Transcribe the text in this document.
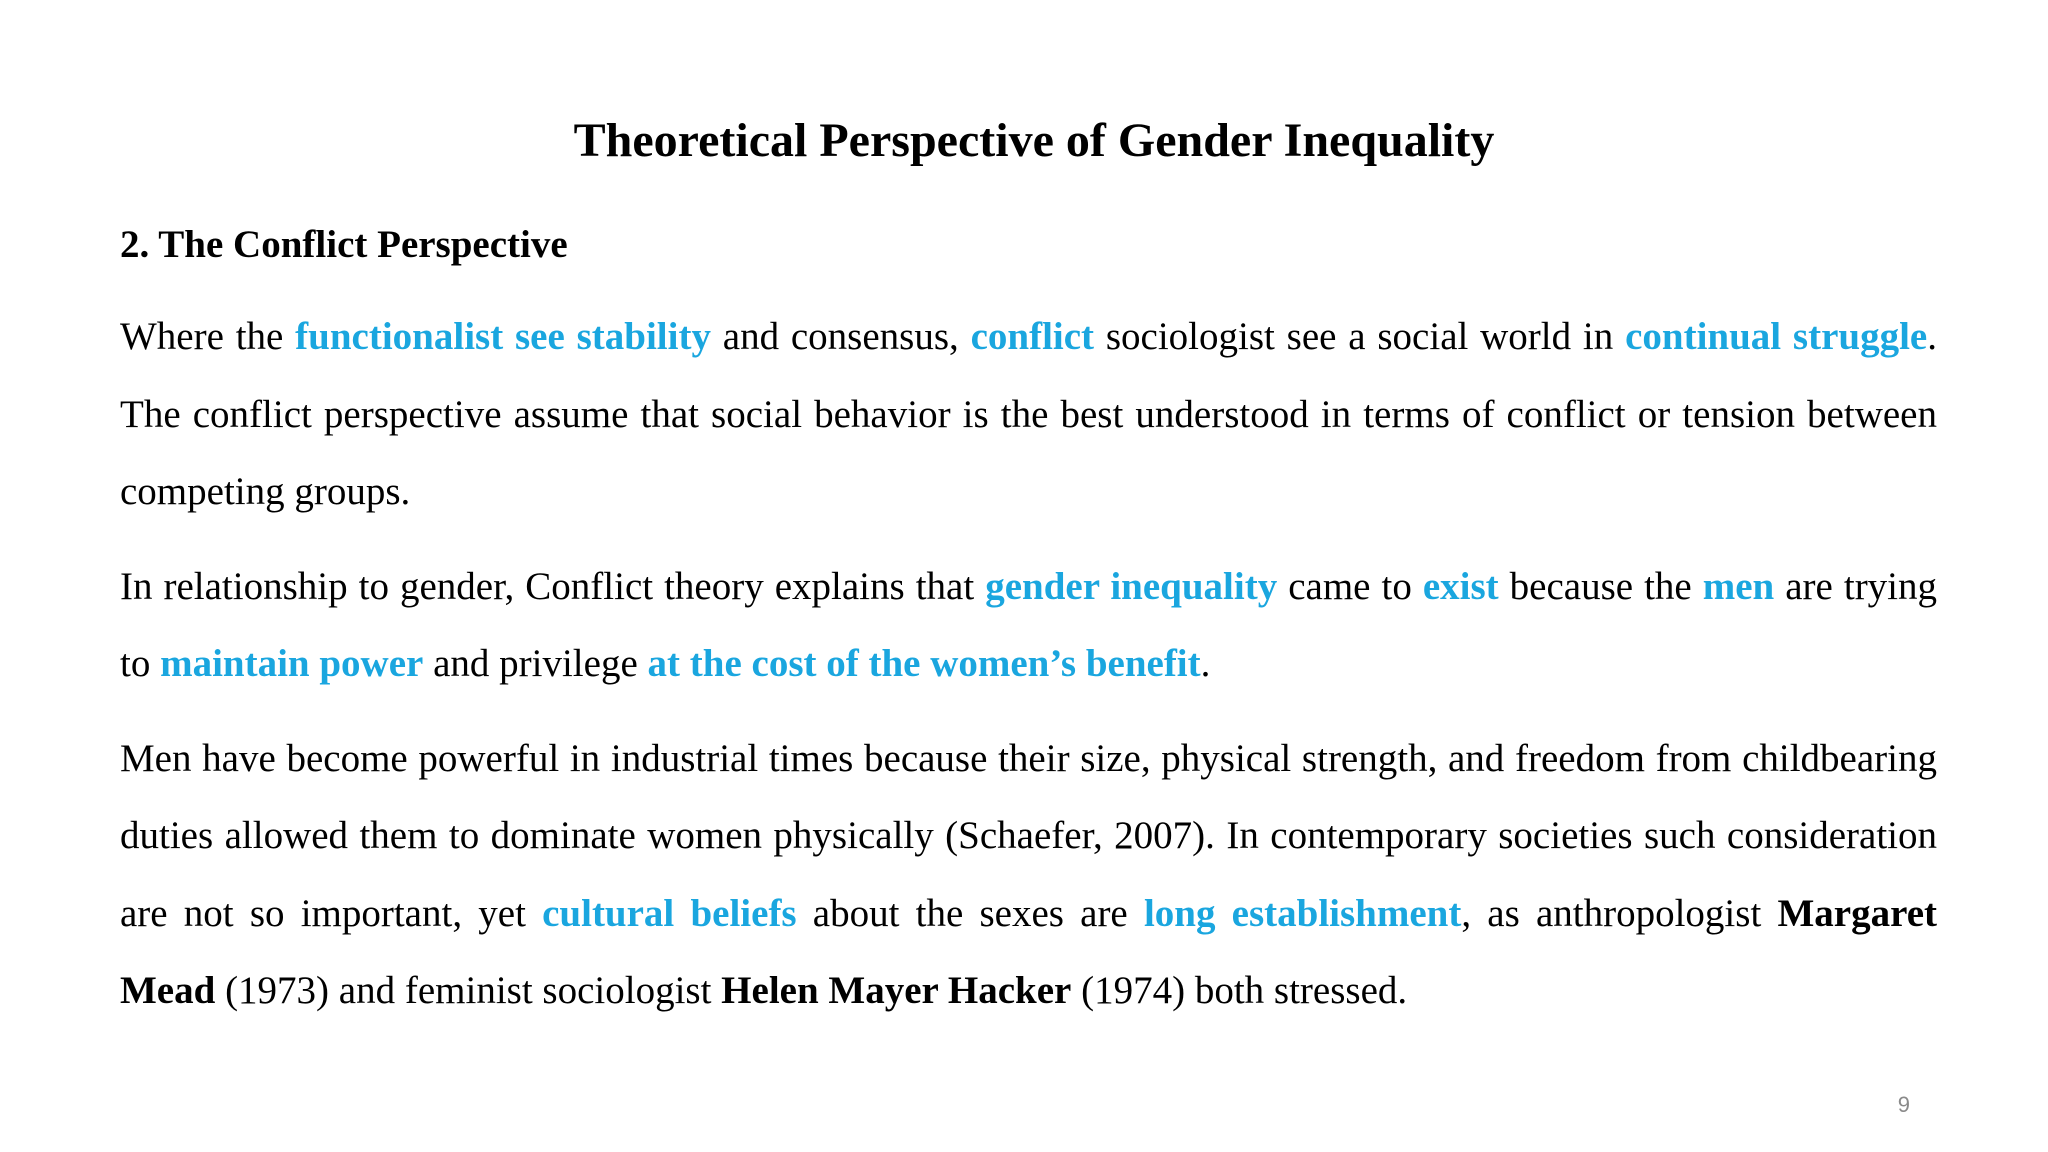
Theoretical Perspective of Gender Inequality

2. The Conflict Perspective

Where the functionalist see stability and consensus, conflict sociologist see a social world in continual struggle. The conflict perspective assume that social behavior is the best understood in terms of conflict or tension between competing groups.

In relationship to gender, Conflict theory explains that gender inequality came to exist because the men are trying to maintain power and privilege at the cost of the women’s benefit.

Men have become powerful in industrial times because their size, physical strength, and freedom from childbearing duties allowed them to dominate women physically (Schaefer, 2007). In contemporary societies such consideration are not so important, yet cultural beliefs about the sexes are long establishment, as anthropologist Margaret Mead (1973) and feminist sociologist Helen Mayer Hacker (1974) both stressed.

9
